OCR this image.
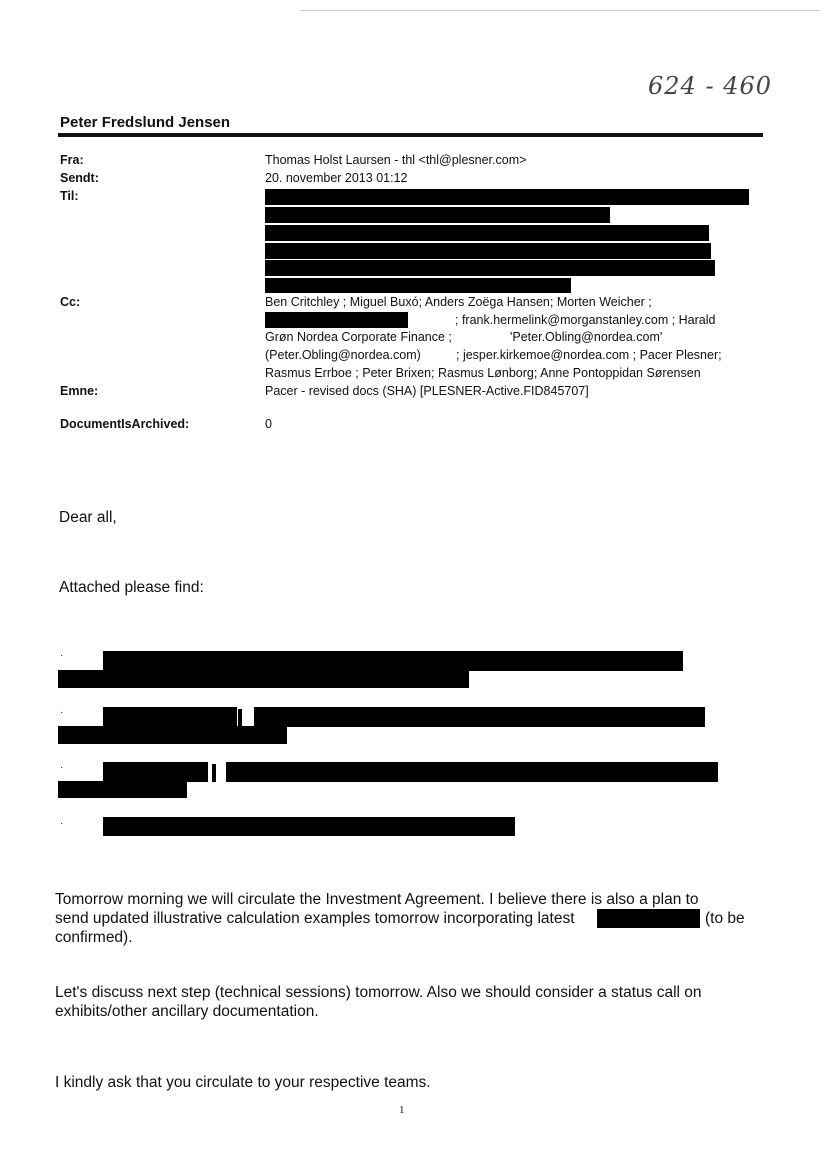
624 - 460
Peter Fredslund Jensen
Fra:	Thomas Holst Laursen - thl <thl@plesner.com>
Sendt:	20. november 2013 01:12
Til:
Cc:	Ben Critchley ; Miguel Buxó; Anders Zoëga Hansen; Morten Weicher ;
; frank.hermelink@morganstanley.com ; Harald
Grøn Nordea Corporate Finance ;	'Peter.Obling@nordea.com'
(Peter.Obling@nordea.com)	; jesper.kirkemoe@nordea.com ; Pacer Plesner;
Rasmus Errboe ; Peter Brixen; Rasmus Lønborg; Anne Pontoppidan Sørensen
Emne:	Pacer - revised docs (SHA) [PLESNER-Active.FID845707]
DocumentIsArchived:	0
Dear all,
Attached please find:
·
·
·
·
Tomorrow morning we will circulate the Investment Agreement. I believe there is also a plan to
send updated illustrative calculation examples tomorrow incorporating latest	(to be
confirmed).
Let's discuss next step (technical sessions) tomorrow. Also we should consider a status call on
exhibits/other ancillary documentation.
I kindly ask that you circulate to your respective teams.
1
